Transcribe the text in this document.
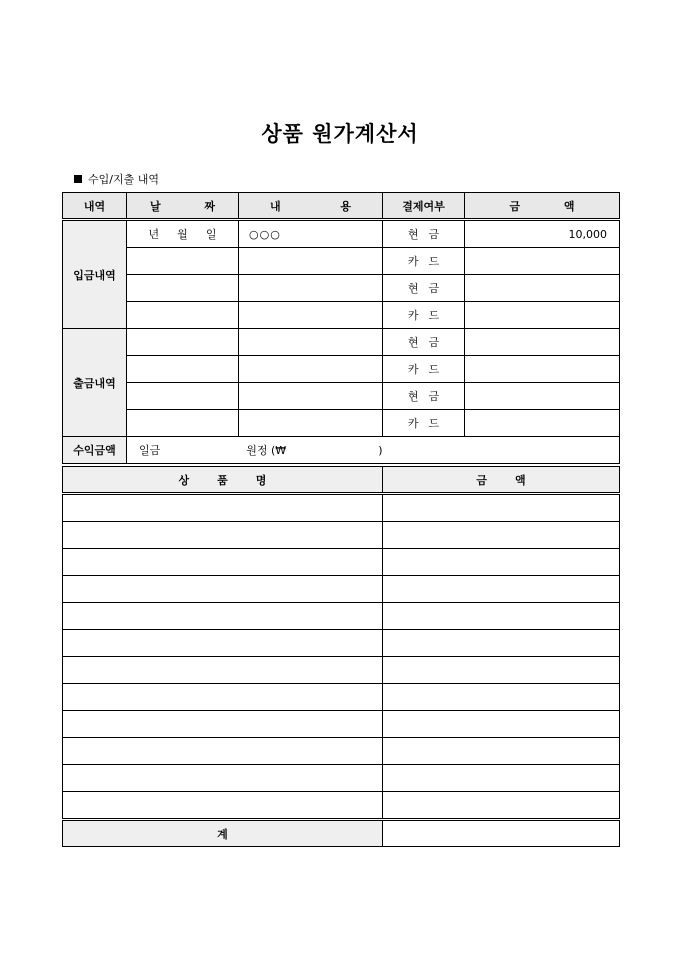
상품 원가계산서
수입/지출 내역
내역	날 짜	내 용	결제여부	금 액
입금내역	년 월 일	○○○	현금	10,000
			카드	
			현금	
			카드	
출금내역			현금	
			카드	
			현금	
			카드	
수익금액	일금 원정 (₩ )			
상품명	금액

계	
